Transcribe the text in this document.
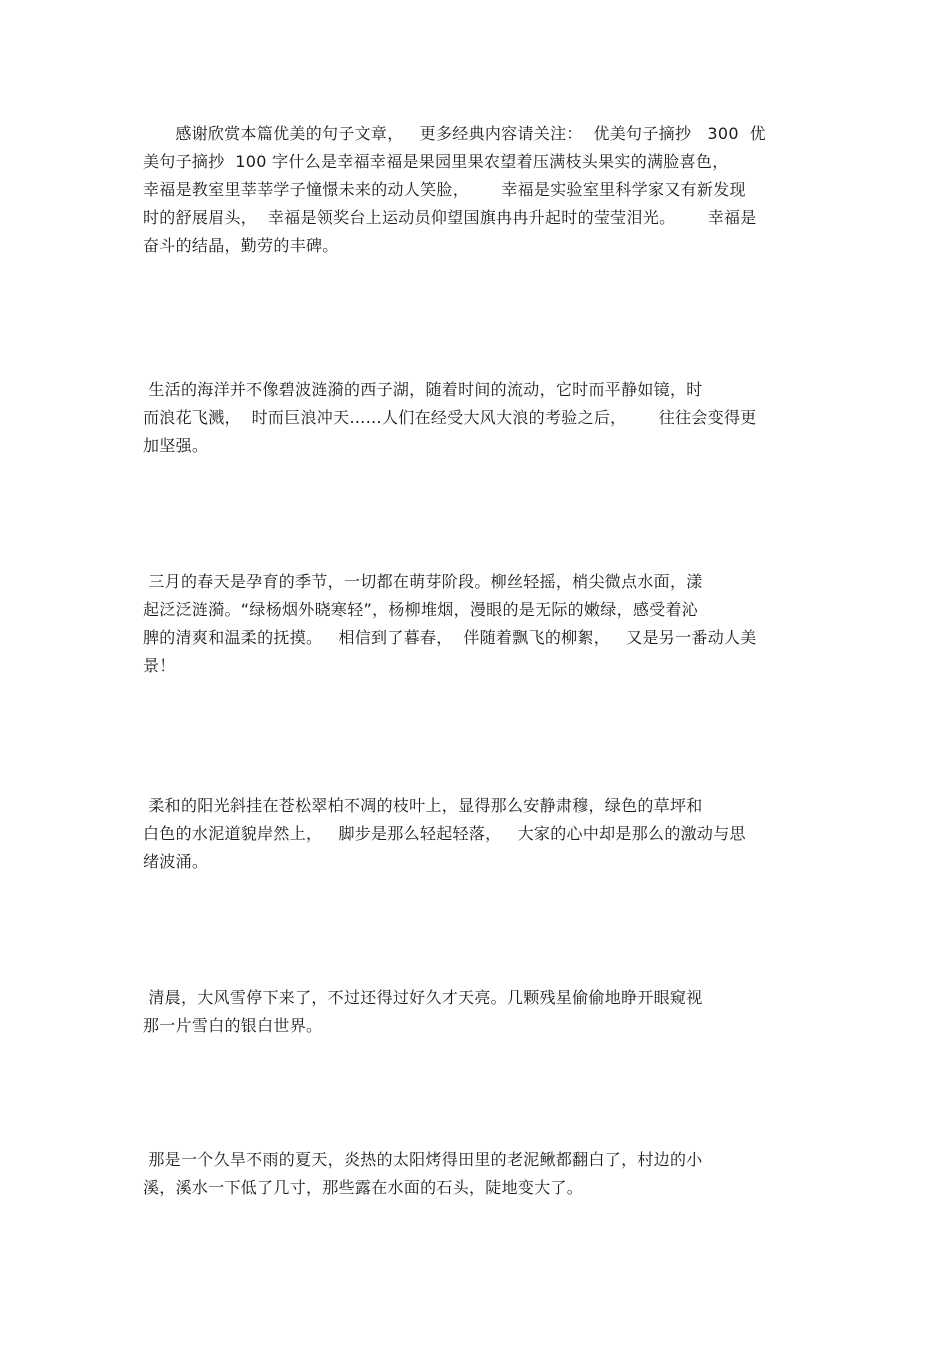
感谢欣赏本篇优美的句子文章，   更多经典内容请关注：  优美句子摘抄   300  优
美句子摘抄  100 字什么是幸福幸福是果园里果农望着压满枝头果实的满脸喜色，
幸福是教室里莘莘学子憧憬未来的动人笑脸，      幸福是实验室里科学家又有新发现
时的舒展眉头，  幸福是领奖台上运动员仰望国旗冉冉升起时的莹莹泪光。      幸福是
奋斗的结晶，勤劳的丰碑。
生活的海洋并不像碧波涟漪的西子湖，随着时间的流动，它时而平静如镜，时
而浪花飞溅，  时而巨浪冲天……人们在经受大风大浪的考验之后，      往往会变得更
加坚强。
三月的春天是孕育的季节，一切都在萌芽阶段。柳丝轻摇，梢尖微点水面，漾
起泛泛涟漪。“绿杨烟外晓寒轻”，杨柳堆烟，漫眼的是无际的嫩绿，感受着沁
脾的清爽和温柔的抚摸。   相信到了暮春，  伴随着飘飞的柳絮，   又是另一番动人美
景！
柔和的阳光斜挂在苍松翠柏不凋的枝叶上，显得那么安静肃穆，绿色的草坪和
白色的水泥道貌岸然上，   脚步是那么轻起轻落，   大家的心中却是那么的激动与思
绪波涌。
清晨，大风雪停下来了，不过还得过好久才天亮。几颗残星偷偷地睁开眼窥视
那一片雪白的银白世界。
那是一个久旱不雨的夏天，炎热的太阳烤得田里的老泥鳅都翻白了，村边的小
溪，溪水一下低了几寸，那些露在水面的石头，陡地变大了。
